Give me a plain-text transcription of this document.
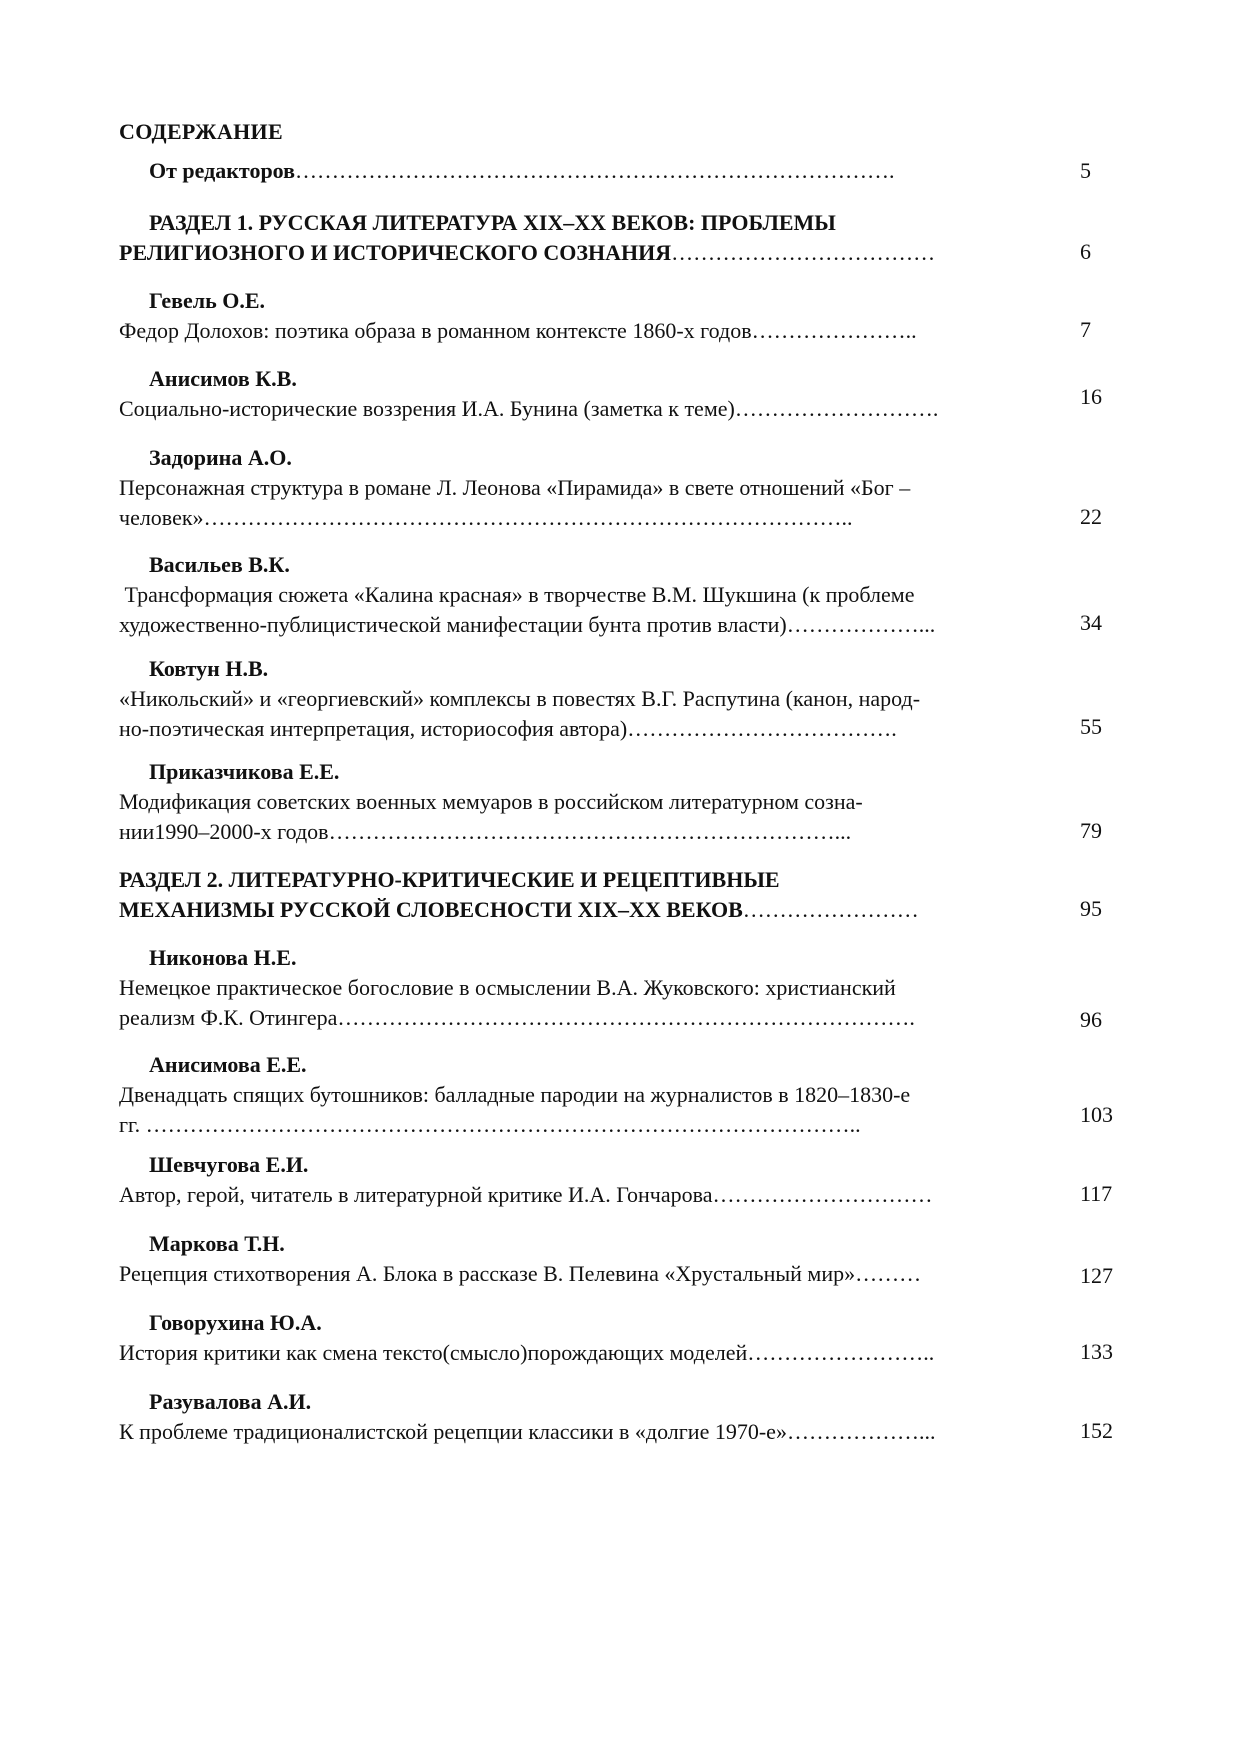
СОДЕРЖАНИЕ
От редакторов……………………………………………………………………….	5
РАЗДЕЛ 1. РУССКАЯ ЛИТЕРАТУРА XIX–XX ВЕКОВ: ПРОБЛЕМЫ
РЕЛИГИОЗНОГО И ИСТОРИЧЕСКОГО СОЗНАНИЯ………………………………	6
Гевель О.Е.
Федор Долохов: поэтика образа в романном контексте 1860-х годов…………………..	7
Анисимов К.В.
Социально-исторические воззрения И.А. Бунина (заметка к теме)……………………….	16
Задорина А.О.
Персонажная структура в романе Л. Леонова «Пирамида» в свете отношений «Бог –
человек»……………………………………………………………………………..	22
Васильев В.К.
Трансформация сюжета «Калина красная» в творчестве В.М. Шукшина (к проблеме
художественно-публицистической манифестации бунта против власти)………………...	34
Ковтун Н.В.
«Никольский» и «георгиевский» комплексы в повестях В.Г. Распутина (канон, народ-
но-поэтическая интерпретация, историософия автора)……………………………….	55
Приказчикова Е.Е.
Модификация советских военных мемуаров в российском литературном созна-
нии1990–2000-х годов……………………………………………………………...	79
РАЗДЕЛ 2. ЛИТЕРАТУРНО-КРИТИЧЕСКИЕ И РЕЦЕПТИВНЫЕ
МЕХАНИЗМЫ РУССКОЙ СЛОВЕСНОСТИ XIX–XX ВЕКОВ……………………	95
Никонова Н.Е.
Немецкое практическое богословие в осмыслении В.А. Жуковского: христианский
реализм Ф.К. Отингера…………………………………………………………………….	96
Анисимова Е.Е.
Двенадцать спящих бутошников: балладные пародии на журналистов в 1820–1830-е
гг. ……………………………………………………………………………………..	103
Шевчугова Е.И.
Автор, герой, читатель в литературной критике И.А. Гончарова…………………………	117
Маркова Т.Н.
Рецепция стихотворения А. Блока в рассказе В. Пелевина «Хрустальный мир»………	127
Говорухина Ю.А.
История критики как смена тексто(смысло)порождающих моделей……………………..	133
Разувалова А.И.
К проблеме традиционалистской рецепции классики в «долгие 1970-е»………………...	152
